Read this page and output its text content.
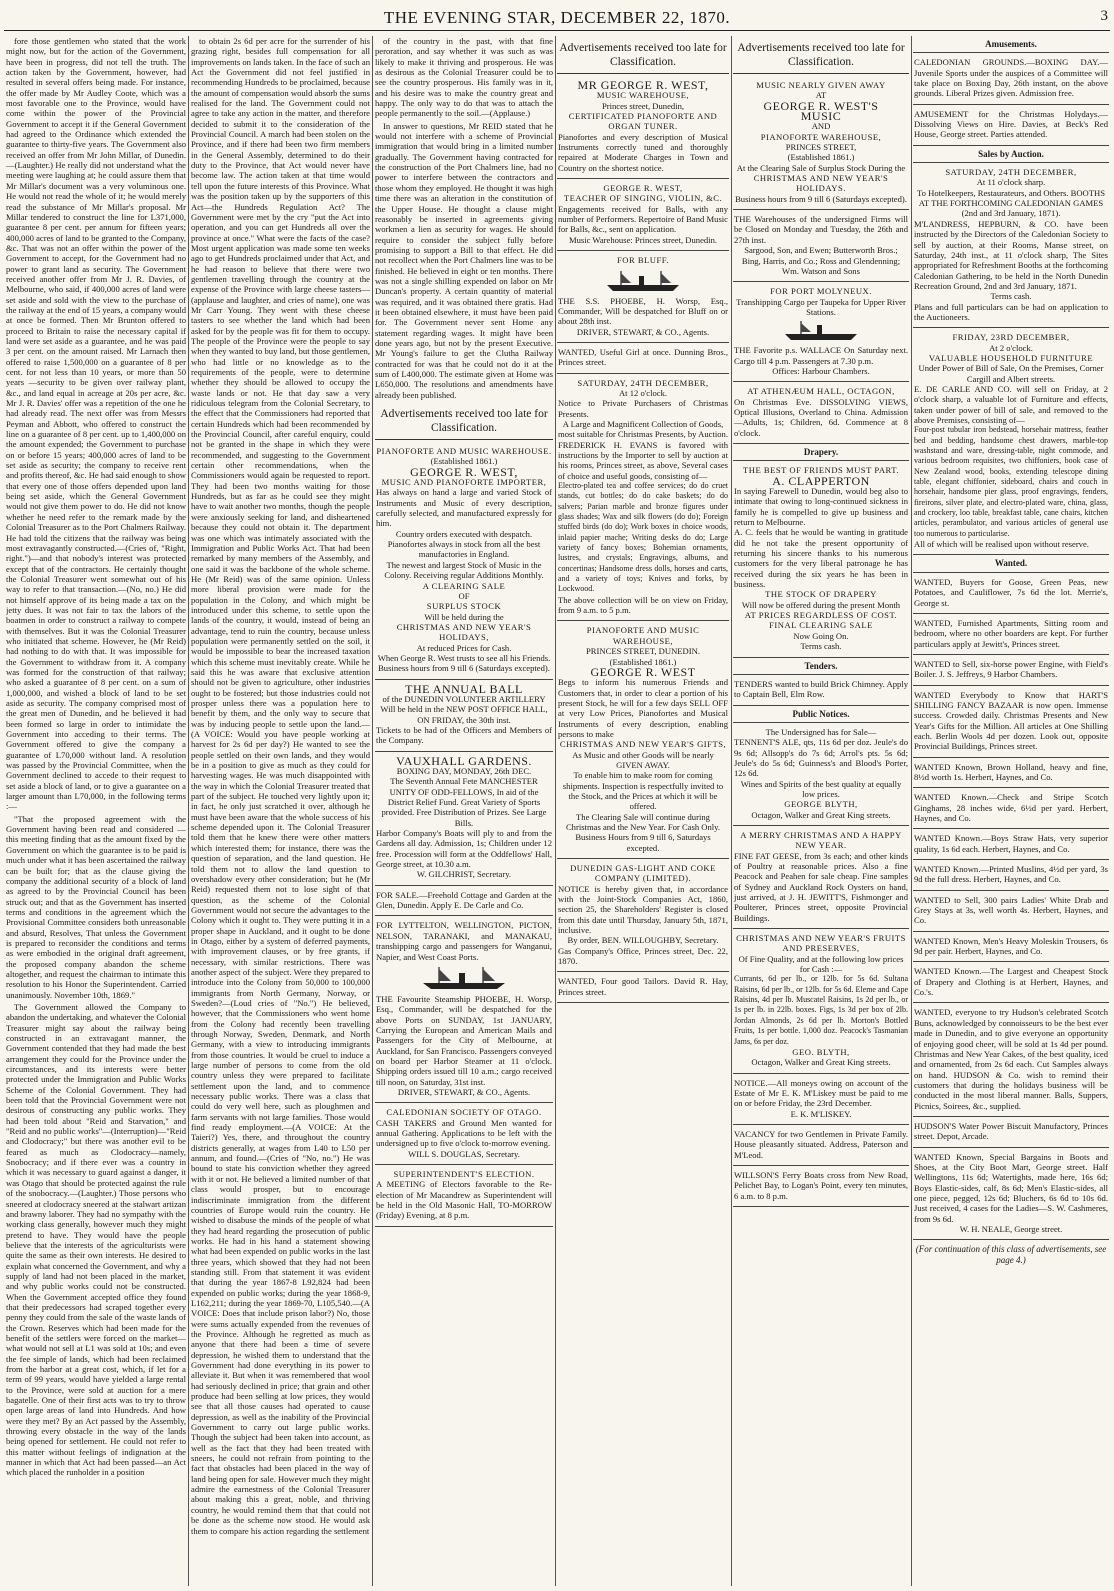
THE EVENING STAR, DECEMBER 22, 1870.	3

fore those gentlemen who stated that the work might now, but for the action of the Government, have been in progress, did not tell the truth. The action taken by the Government, however, had resulted in several offers being made. For instance, the offer made by Mr Audley Coote, which was a most favorable one to the Province, would have come within the power of the Provincial Government to accept it if the General Government had agreed to the Ordinance which extended the guarantee to thirty-five years. The Government also received an offer from Mr John Millar, of Dunedin.—(Laughter.) He really did not understand what the meeting were laughing at; he could assure them that Mr Millar's document was a very voluminous one. He would not read the whole of it; he would merely read the substance of Mr Millar's proposal. Mr Millar tendered to construct the line for L371,000, guarantee 8 per cent. per annum for fifteen years; 400,000 acres of land to be granted to the Company, &c. That was not an offer within the power of the Government to accept, for the Government had no power to grant land as security. The Government received another offer from Mr J. R. Davies, of Melbourne, who said, if 400,000 acres of land were set aside and sold with the view to the purchase of the railway at the end of 15 years, a company would at once be formed. Then Mr Brunton offered to proceed to Britain to raise the necessary capital if land were set aside as a guarantee, and he was paid 3 per cent. on the amount raised. Mr Larnach then offered to raise 1,500,000 on a guarantee of 8 per cent. for not less than 10 years, or more than 50 years —security to be given over railway plant, &c., and land equal in acreage at 20s per acre, &c. Mr J. R. Davies' offer was a repetition of the one he had already read. The next offer was from Messrs Peyman and Abbott, who offered to construct the line on a guarantee of 8 per cent. up to 1,400,000 on the amount expended; the Government to purchase on or before 15 years; 400,000 acres of land to be set aside as security; the company to receive rent and profits thereof, &c. He had said enough to show that every one of those offers depended upon land being set aside, which the General Government would not give them power to do. He did not know whether he need refer to the remark made by the Colonial Treasurer as to the Port Chalmers Railway. He had told the citizens that the railway was being most extravagantly constructed.—(Cries of, "Right, right.")—and that nobody's interest was protected except that of the contractors. He certainly thought the Colonial Treasurer went somewhat out of his way to refer to that transaction.—(No, no.) He did not himself approve of its being made a tax on the jetty dues. It was not fair to tax the labors of the boatmen in order to construct a railway to compete with themselves. But it was the Colonial Treasurer who initiated that scheme. However, he (Mr Reid) had nothing to do with that. It was impossible for the Government to withdraw from it. A company was formed for the construction of that railway; who asked a guarantee of 8 per cent. on a sum of 1,000,000, and wished a block of land to be set aside as security. The company comprised most of the great men of Dunedin, and he believed it had been formed so large in order to intimidate the Government into acceding to their terms. The Government offered to give the company a guarantee of L70,000 without land. A resolution was passed by the Provincial Committee, when the Government declined to accede to their request to set aside a block of land, or to give a guarantee on a larger amount than L70,000, in the following terms :—

"That the proposed agreement with the Government having been read and considered —this meeting finding that as the amount fixed by the Government on which the guarantee is to be paid is much under what it has been ascertained the railway can be built for; that as the clause giving the company the additional security of a block of land as agreed to by the Provincial Council has been struck out; and that as the Government has inserted terms and conditions in the agreement which the Provisional Committee considers both unreasonable and absurd, Resolves, That unless the Government is prepared to reconsider the conditions and terms as were embodied in the original draft agreement, the proposed company abandon the scheme altogether, and request the chairman to intimate this resolution to his Honor the Superintendent. Carried unanimously. November 10th, 1869."

The Government allowed the Company to abandon the undertaking, and whatever the Colonial Treasurer might say about the railway being constructed in an extravagant manner, the Government contended that they had made the best arrangement they could for the Province under the circumstances, and its interests were better protected under the Immigration and Public Works Scheme of the Colonial Government. They had been told that the Provincial Government were not desirous of constructing any public works. They had been told about "Reid and Starvation," and "Reid and no public works"—(Interruption)—"Reid and Clodocracy;" but there was another evil to be feared as much as Clodocracy—namely, Snobocracy; and if there ever was a country in which it was necessary to guard against a danger, it was Otago that should be protected against the rule of the snobocracy.—(Laughter.) Those persons who sneered at clodocracy sneered at the stalwart artizan and brawny laborer. They had no sympathy with the working class generally, however much they might pretend to have. They would have the people believe that the interests of the agriculturists were quite the same as their own interests. He desired to explain what concerned the Government, and why a supply of land had not been placed in the market, and why public works could not be constructed. When the Government accepted office they found that their predecessors had scraped together every penny they could from the sale of the waste lands of the Crown. Reserves which had been made for the benefit of the settlers were forced on the market—what would not sell at L1 was sold at 10s; and even the fee simple of lands, which had been reclaimed from the harbor at a great cost, which, if let for a term of 99 years, would have yielded a large rental to the Province, were sold at auction for a mere bagatelle. One of their first acts was to try to throw open large areas of land into Hundreds. And how were they met? By an Act passed by the Assembly, throwing every obstacle in the way of the lands being opened for settlement. He could not refer to this matter without feelings of indignation at the manner in which that Act had been passed—an Act which placed the runholder in a position

to obtain 2s 6d per acre for the surrender of his grazing right, besides full compensation for all improvements on lands taken. In the face of such an Act the Government did not feel justified in recommending Hundreds to be proclaimed, because the amount of compensation would absorb the sums realised for the land. The Government could not agree to take any action in the matter, and therefore decided to submit it to the consideration of the Provincial Council. A march had been stolen on the Province, and if there had been two firm members in the General Assembly, determined to do their duty to the Province, that Act would never have become law. The action taken at that time would tell upon the future interests of this Province. What was the position taken up by the supporters of this Act—the Hundreds Regulation Act? The Government were met by the cry "put the Act into operation, and you can get Hundreds all over the province at once." What were the facts of the case? Most urgent application was made some ten weeks ago to get Hundreds proclaimed under that Act, and he had reason to believe that there were two gentlemen travelling through the country at the expense of the Province with large cheese tasters—(applause and laughter, and cries of name), one was Mr Carr Young. They went with these cheese tasters to see whether the land which had been asked for by the people was fit for them to occupy. The people of the Province were the people to say when they wanted to buy land, but those gentlemen, who had little or no knowledge as to the requirements of the people, were to determine whether they should be allowed to occupy the waste lands or not. He that day saw a very ridiculous telegram from the Colonial Secretary, to the effect that the Commissioners had reported that certain Hundreds which had been recommended by the Provincial Council, after careful enquiry, could not be granted in the shape in which they were recommended, and suggesting to the Government certain other recommendations, when the Commissioners would again be requested to report. They had been two months waiting for those Hundreds, but as far as he could see they might have to wait another two months, though the people were anxiously seeking for land, and disheartened because they could not obtain it. The department was one which was intimately associated with the Immigration and Public Works Act. That had been remarked by many members of the Assembly, and one said it was the backbone of the whole scheme. He (Mr Reid) was of the same opinion. Unless more liberal provision were made for the population in the Colony, and which might be introduced under this scheme, to settle upon the lands of the country, it would, instead of being an advantage, tend to ruin the country, because unless population were permanently settled on the soil, it would be impossible to bear the increased taxation which this scheme must inevitably create. While he said this he was aware that exclusive attention should not be given to agriculture, other industries ought to be fostered; but those industries could not prosper unless there was a population here to benefit by them, and the only way to secure that was by inducing people to settle upon the land.—(A VOICE: Would you have people working at harvest for 2s 6d per day?) He wanted to see the people settled on their own lands, and they would be in a position to give as much as they could for harvesting wages. He was much disappointed with the way in which the Colonial Treasurer treated that part of the subject. He touched very lightly upon it; in fact, he only just scratched it over, although he must have been aware that the whole success of his scheme depended upon it. The Colonial Treasurer told them that he knew there were other matters which interested them; for instance, there was the question of separation, and the land question. He told them not to allow the land question to overshadow every other consideration; but he (Mr Reid) requested them not to lose sight of that question, as the scheme of the Colonial Government would not secure the advantages to the Colony which it ought to. They were putting it in a proper shape in Auckland, and it ought to be done in Otago, either by a system of deferred payments, with improvement clauses, or by free grants, if necessary, with similar restrictions. There was another aspect of the subject. Were they prepared to introduce into the Colony from 50,000 to 100,000 immigrants from North Germany, Norway, or Sweden?—(Loud cries of "No.") He believed, however, that the Commissioners who went home from the Colony had recently been travelling through Norway, Sweden, Denmark, and North Germany, with a view to introducing immigrants from those countries. It would be cruel to induce a large number of persons to come from the old country unless they were prepared to facilitate settlement upon the land, and to commence necessary public works. There was a class that could do very well here, such as ploughmen and farm servants with not large families. Those would find ready employment.—(A VOICE: At the Taieri?) Yes, there, and throughout the country districts generally, at wages from L40 to L50 per annum, and found.—(Cries of "No, no.") He was bound to state his conviction whether they agreed with it or not. He believed a limited number of that class would prosper, but to encourage indiscriminate immigration from the different countries of Europe would ruin the country. He wished to disabuse the minds of the people of what they had heard regarding the prosecution of public works. He had in his hand a statement showing what had been expended on public works in the last three years, which showed that they had not been standing still. From that statement it was evident that during the year 1867-8 L92,824 had been expended on public works; during the year 1868-9, L162,211; during the year 1869-70, L105,540.—(A VOICE: Does that include prison labor?) No, those were sums actually expended from the revenues of the Province. Although he regretted as much as anyone that there had been a time of severe depression, he wished them to understand that the Government had done everything in its power to alleviate it. But when it was remembered that wool had seriously declined in price; that grain and other produce had been selling at low prices, they would see that all those causes had operated to cause depression, as well as the inability of the Provincial Government to carry out large public works. Though the subject had been taken into account, as well as the fact that they had been treated with sneers, he could not refrain from pointing to the fact that obstacles had been placed in the way of land being open for sale. However much they might admire the earnestness of the Colonial Treasurer about making this a great, noble, and thriving country, he would remind them that that could not be done as the scheme now stood. He would ask them to compare his action regarding the settlement

of the country in the past, with that fine peroration, and say whether it was such as was likely to make it thriving and prosperous. He was as desirous as the Colonial Treasurer could be to see the country prosperous. His family was in it, and his desire was to make the country great and happy. The only way to do that was to attach the people permanently to the soil.—(Applause.)

In answer to questions, Mr REID stated that he would not interfere with a scheme of Provincial immigration that would bring in a limited number gradually. The Government having contracted for the construction of the Port Chalmers line, had no power to interfere between the contractors and those whom they employed. He thought it was high time there was an alteration in the constitution of the Upper House. He thought a clause might reasonably be inserted in agreements giving workmen a lien as security for wages. He should require to consider the subject fully before promising to support a Bill to that effect. He did not recollect when the Port Chalmers line was to be finished. He believed in eight or ten months. There was not a single shilling expended on labor on Mr Duncan's property. A certain quantity of material was required, and it was obtained there gratis. Had it been obtained elsewhere, it must have been paid for. The Government never sent Home any statement regarding wages. It might have been done years ago, but not by the present Executive. Mr Young's failure to get the Clutha Railway contracted for was that he could not do it at the sum of L400,000. The estimate given at Home was L650,000. The resolutions and amendments have already been published.

Advertisements received too late for Classification.

PIANOFORTE AND MUSIC WAREHOUSE.

(Established 1861.)

GEORGE R. WEST,

MUSIC AND PIANOFORTE IMPORTER,

Has always on hand a large and varied Stock of Instruments and Music of every description, carefully selected, and manufactured expressly for him.

Country orders executed with despatch.

Pianofortes always in stock from all the best manufactories in England.

The newest and largest Stock of Music in the Colony. Receiving regular Additions Monthly.

A CLEARING SALE

OF

SURPLUS STOCK

Will be held during the

CHRISTMAS AND NEW YEAR'S HOLIDAYS,

At reduced Prices for Cash.

When George R. West trusts to see all his Friends.

Business hours from 9 till 6 (Saturdays excepted).

THE ANNUAL BALL

of the DUNEDIN VOLUNTEER ARTILLERY

Will be held in the NEW POST OFFICE HALL, ON FRIDAY, the 30th inst.

Tickets to be had of the Officers and Members of the Company.

VAUXHALL GARDENS.

BOXING DAY, MONDAY, 26th DEC.

The Seventh Annual Fete MANCHESTER UNITY OF ODD-FELLOWS, In aid of the District Relief Fund. Great Variety of Sports provided. Free Distribution of Prizes. See Large Bills.

Harbor Company's Boats will ply to and from the Gardens all day. Admission, 1s; Children under 12 free. Procession will form at the Oddfellows' Hall, George street, at 10.30 a.m.

W. GILCHRIST, Secretary.

FOR SALE.—Freehold Cottage and Garden at the Glen, Dunedin. Apply E. De Carle and Co.

FOR LYTTELTON, WELLINGTON, PICTON, NELSON, TARANAKI, and MANAKAU, transhipping cargo and passengers for Wanganui, Napier, and West Coast Ports.

THE Favourite Steamship PHOEBE, H. Worsp, Esq., Commander, will be despatched for the above Ports on SUNDAY, 1st JANUARY, Carrying the European and American Mails and Passengers for the City of Melbourne, at Auckland, for San Francisco. Passengers conveyed on board per Harbor Steamer at 11 o'clock. Shipping orders issued till 10 a.m.; cargo received till noon, on Saturday, 31st inst.

DRIVER, STEWART, & CO., Agents.

CALEDONIAN SOCIETY OF OTAGO.

CASH TAKERS and Ground Men wanted for annual Gathering. Applications to be left with the undersigned up to five o'clock to-morrow evening.

WILL S. DOUGLAS, Secretary.

SUPERINTENDENT'S ELECTION.

A MEETING of Electors favorable to the Re-election of Mr Macandrew as Superintendent will be held in the Old Masonic Hall, TO-MORROW (Friday) Evening, at 8 p.m.

Advertisements received too late for Classification.

MR GEORGE R. WEST,

MUSIC WAREHOUSE,

Princes street, Dunedin,

CERTIFICATED PIANOFORTE AND ORGAN TUNER.

Pianofortes and every description of Musical Instruments correctly tuned and thoroughly repaired at Moderate Charges in Town and Country on the shortest notice.

GEORGE R. WEST,

TEACHER OF SINGING, VIOLIN, &C.

Engagements received for Balls, with any number of Performers. Repertoire of Band Music for Balls, &c., sent on application.

Music Warehouse: Princes street, Dunedin.

FOR BLUFF.

THE S.S. PHOEBE, H. Worsp, Esq., Commander, Will be despatched for Bluff on or about 28th inst.

DRIVER, STEWART, & CO., Agents.

WANTED, Useful Girl at once. Dunning Bros., Princes street.

SATURDAY, 24TH DECEMBER,

At 12 o'clock.

Notice to Private Purchasers of Christmas Presents.

A Large and Magnificent Collection of Goods, most suitable for Christmas Presents, by Auction.

FREDERICK H. EVANS is favored with instructions by the Importer to sell by auction at his rooms, Princes street, as above, Several cases of choice and useful goods, consisting of—

Electro-plated tea and coffee services; do do cruet stands, cut bottles; do do cake baskets; do do salvers; Parian marble and bronze figures under glass shades; Wax and silk flowers (do do); Foreign stuffed birds (do do); Work boxes in choice woods, inlaid papier mache; Writing desks do do; Large variety of fancy boxes; Bohemian ornaments, lustres, and crystals; Engravings, albums, and concertinas; Handsome dress dolls, horses and carts, and a variety of toys; Knives and forks, by Lockwood.

The above collection will be on view on Friday, from 9 a.m. to 5 p.m.

PIANOFORTE AND MUSIC WAREHOUSE,

PRINCES STREET, DUNEDIN.

(Established 1861.)

GEORGE R. WEST

Begs to inform his numerous Friends and Customers that, in order to clear a portion of his present Stock, he will for a few days SELL OFF at very Low Prices, Pianofortes and Musical Instruments of every description, enabling persons to make

CHRISTMAS AND NEW YEAR'S GIFTS,

As Music and other Goods will be nearly GIVEN AWAY.

To enable him to make room for coming shipments. Inspection is respectfully invited to the Stock, and the Prices at which it will be offered.

The Clearing Sale will continue during Christmas and the New Year. For Cash Only.

Business Hours from 9 till 6, Saturdays excepted.

DUNEDIN GAS-LIGHT AND COKE COMPANY (LIMITED).

NOTICE is hereby given that, in accordance with the Joint-Stock Companies Act, 1860, section 25, the Shareholders' Register is closed from this date until Thursday, January 5th, 1871, inclusive.

By order, BEN. WILLOUGHBY, Secretary.

Gas Company's Office, Princes street, Dec. 22, 1870.

WANTED, Four good Tailors. David R. Hay, Princes street.

Advertisements received too late for Classification.

MUSIC NEARLY GIVEN AWAY

AT

GEORGE R. WEST'S

MUSIC

AND

PIANOFORTE WAREHOUSE,

PRINCES STREET,

(Established 1861.)

At the Clearing Sale of Surplus Stock During the

CHRISTMAS AND NEW YEAR'S HOLIDAYS.

Business hours from 9 till 6 (Saturdays excepted).

THE Warehouses of the undersigned Firms will be Closed on Monday and Tuesday, the 26th and 27th inst.

Sargood, Son, and Ewen; Butterworth Bros.; Bing, Harris, and Co.; Ross and Glendenning; Wm. Watson and Sons

FOR PORT MOLYNEUX.

Transhipping Cargo per Taupeka for Upper River Stations.

THE Favorite p.s. WALLACE On Saturday next. Cargo till 4 p.m. Passengers at 7.30 p.m.

Offices: Harbour Chambers.

AT ATHENÆUM HALL, OCTAGON,

On Christmas Eve. DISSOLVING VIEWS, Optical Illusions, Overland to China. Admission—Adults, 1s; Children, 6d. Commence at 8 o'clock.

Drapery.

THE BEST OF FRIENDS MUST PART.

A. CLAPPERTON

In saying Farewell to Dunedin, would beg also to intimate that owing to long-continued sickness in family he is compelled to give up business and return to Melbourne.

A. C. feels that he would be wanting in gratitude did he not take the present opportunity of returning his sincere thanks to his numerous customers for the very liberal patronage he has received during the six years he has been in business.

THE STOCK OF DRAPERY

Will now be offered during the present Month

AT PRICES REGARDLESS OF COST.

FINAL CLEARING SALE

Now Going On.

Terms cash.

Tenders.

TENDERS wanted to build Brick Chimney. Apply to Captain Bell, Elm Row.

Public Notices.

The Undersigned has for Sale—

TENNENT'S ALE, qts, 11s 6d per doz. Jeule's do 9s 6d; Allsopp's do 7s 6d; Arrol's pts. 5s 6d; Jeule's do 5s 6d; Guinness's and Blood's Porter, 12s 6d.

Wines and Spirits of the best quality at equally low prices.

GEORGE BLYTH,

Octagon, Walker and Great King streets.

A MERRY CHRISTMAS AND A HAPPY NEW YEAR.

FINE FAT GEESE, from 3s each; and other kinds of Poultry at reasonable prices. Also a fine Peacock and Peahen for sale cheap. Fine samples of Sydney and Auckland Rock Oysters on hand, just arrived, at J. H. JEWITT'S, Fishmonger and Poulterer, Princes street, opposite Provincial Buildings.

CHRISTMAS AND NEW YEAR'S FRUITS AND PRESERVES,

Of Fine Quality, and at the following low prices for Cash :—

Currants, 6d per lb., or 12lb. for 5s 6d. Sultana Raisins, 6d per lb., or 12lb. for 5s 6d. Eleme and Cape Raisins, 4d per lb. Muscatel Raisins, 1s 2d per lb., or 1s per lb. in 22lb. boxes. Figs, 1s 3d per box of 2lb. Jordan Almonds, 2s 6d per lb. Morton's Bottled Fruits, 1s per bottle. 1,000 doz. Peacock's Tasmanian Jams, 6s per doz.

GEO. BLYTH,

Octagon, Walker and Great King streets.

NOTICE.—All moneys owing on account of the Estate of Mr E. K. M'Liskey must be paid to me on or before Friday, the 23rd December.

E. K. M'LISKEY.

VACANCY for two Gentlemen in Private Family. House pleasantly situated. Address, Paterson and M'Leod.

WILLSON'S Ferry Boats cross from New Road, Pelichet Bay, to Logan's Point, every ten minutes, 6 a.m. to 8 p.m.

Amusements.

CALEDONIAN GROUNDS.—BOXING DAY.—Juvenile Sports under the auspices of a Committee will take place on Boxing Day, 26th instant, on the above grounds. Liberal Prizes given. Admission free.

AMUSEMENT for the Christmas Holydays.—Dissolving Views on Hire. Davies, at Beck's Red House, George street. Parties attended.

Sales by Auction.

SATURDAY, 24TH DECEMBER,

At 11 o'clock sharp.

To Hotelkeepers, Restaurateurs, and Others. BOOTHS AT THE FORTHCOMING CALEDONIAN GAMES (2nd and 3rd January, 1871).

M'LANDRESS, HEPBURN, & CO. have been instructed by the Directors of the Caledonian Society to sell by auction, at their Rooms, Manse street, on Saturday, 24th inst., at 11 o'clock sharp, The Sites appropriated for Refreshment Booths at the forthcoming Caledonian Gathering, to be held in the North Dunedin Recreation Ground, 2nd and 3rd January, 1871.

Terms cash.

Plans and full particulars can be had on application to the Auctioneers.

FRIDAY, 23RD DECEMBER,

At 2 o'clock.

VALUABLE HOUSEHOLD FURNITURE

Under Power of Bill of Sale, On the Premises, Corner Cargill and Albert streets.

E. DE CARLE AND CO. will sell on Friday, at 2 o'clock sharp, a valuable lot of Furniture and effects, taken under power of bill of sale, and removed to the above Premises, consisting of—

Four-post tubular iron bedstead, horsehair mattress, feather bed and bedding, handsome chest drawers, marble-top washstand and ware, dressing-table, night commode, and various bedroom requisites, two chiffoniers, book case of New Zealand wood, books, extending telescope dining table, elegant chiffonier, sideboard, chairs and couch in horsehair, handsome pier glass, proof engravings, fenders, fireirons, silver plate, and electro-plated ware, china, glass, and crockery, loo table, breakfast table, cane chairs, kitchen articles, perambulator, and various articles of general use too numerous to particularise.

All of which will be realised upon without reserve.

Wanted.

WANTED, Buyers for Goose, Green Peas, new Potatoes, and Cauliflower, 7s 6d the lot. Merrie's, George st.

WANTED, Furnished Apartments, Sitting room and bedroom, where no other boarders are kept. For further particulars apply at Jewitt's, Princes street.

WANTED to Sell, six-horse power Engine, with Field's Boiler. J. S. Jeffreys, 9 Harbor Chambers.

WANTED Everybody to Know that HART'S SHILLING FANCY BAZAAR is now open. Immense success. Crowded daily. Christmas Presents and New Year's Gifts for the Million. All articles at One Shilling each. Berlin Wools 4d per dozen. Look out, opposite Provincial Buildings, Princes street.

WANTED Known, Brown Holland, heavy and fine, 8½d worth 1s. Herbert, Haynes, and Co.

WANTED Known.—Check and Stripe Scotch Ginghams, 28 inches wide, 6½d per yard. Herbert, Haynes, and Co.

WANTED Known.—Boys Straw Hats, very superior quality, 1s 6d each. Herbert, Haynes, and Co.

WANTED Known.—Printed Muslins, 4½d per yard, 3s 9d the full dress. Herbert, Haynes, and Co.

WANTED to Sell, 300 pairs Ladies' White Drab and Grey Stays at 3s, well worth 4s. Herbert, Haynes, and Co.

WANTED Known, Men's Heavy Moleskin Trousers, 6s 9d per pair. Herbert, Haynes, and Co.

WANTED Known.—The Largest and Cheapest Stock of Drapery and Clothing is at Herbert, Haynes, and Co.'s.

WANTED, everyone to try Hudson's celebrated Scotch Buns, acknowledged by connoisseurs to be the best ever made in Dunedin, and to give everyone an opportunity of enjoying good cheer, will be sold at 1s 4d per pound. Christmas and New Year Cakes, of the best quality, iced and ornamented, from 2s 6d each. Cut Samples always on hand. HUDSON & Co. wish to remind their customers that during the holidays business will be conducted in the most liberal manner. Balls, Suppers, Picnics, Soirees, &c., supplied.

HUDSON'S Water Power Biscuit Manufactory, Princes street. Depot, Arcade.

WANTED Known, Special Bargains in Boots and Shoes, at the City Boot Mart, George street. Half Wellingtons, 11s 6d; Watertights, made here, 16s 6d; Boys Elastic-sides, calf, 8s 6d; Men's Elastic-sides, all one piece, pegged, 12s 6d; Bluchers, 6s 6d to 10s 6d. Just received, 4 cases for the Ladies—S. W. Cashmeres, from 9s 6d.

W. H. NEALE, George street.

(For continuation of this class of advertisements, see page 4.)
